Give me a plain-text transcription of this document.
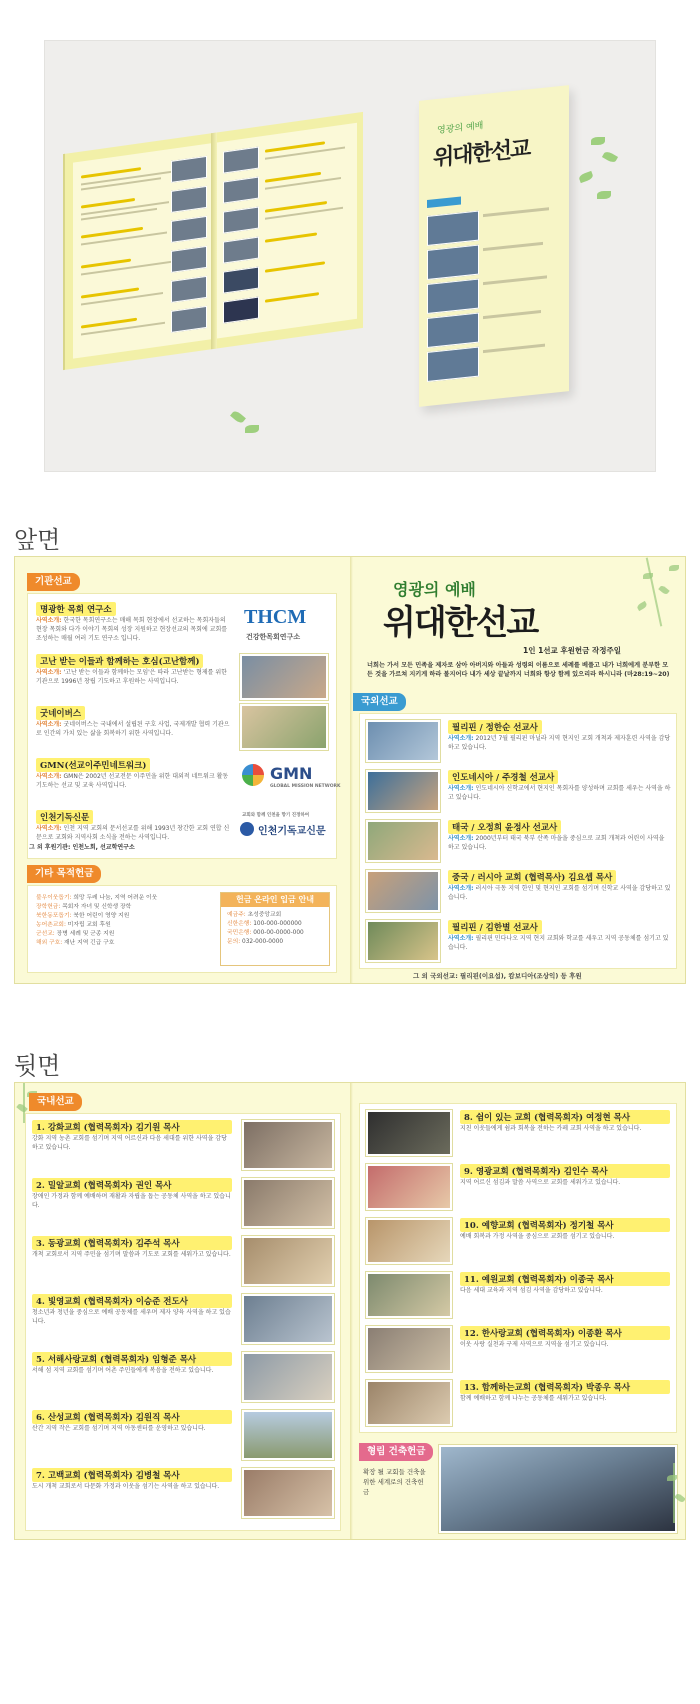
영광의 예배
위대한선교
앞면
기관선교
명광한 목회 연구소
사역소개: 한국한 목회연구소는 매해 목회 현장에서 선교하는 목회자들의 현장 목회와 다가 이야기 목회의 성장 지원하고 현장선교의 목회에 교회를 조성하는 매월 여러 기도 연구소 입니다.
THCM
건강한목회연구소
고난 받는 이들과 함께하는 호심(고난함께)
사역소개: '고난 받는 이들과 함께하는 모임'은 따라 고난받는 형제를 위한 기관으로 1996년 창립 기도하고 후원하는 사역입니다.
굿네이버스
사역소개: 굿네이버스는 국내에서 설립된 구호 사업, 국제개발 협력 기관으로 인간의 가치 있는 삶을 회복하기 위한 사역입니다.
GMN(선교이주민네트워크)
사역소개: GMN은 2002년 선교전문 이주민을 위한 대외적 네트워크 활동 기도하는 선교 및 교육 사역입니다.
GMN
GLOBAL MISSION NETWORK
인천기독신문
사역소개: 인천 지역 교회의 문서선교를 위해 1993년 창간한 교회 연합 신문으로 교회와 지역사회 소식을 전하는 사역입니다.
교회와 함께 인천을 향기 진정하여
인천기독교신문
그 외 후원기관: 인천노회, 선교학연구소
기타 목적헌금
불우이웃돕기: 희망 두레 나눔, 지역 어려운 이웃
장학헌금: 목회자 자녀 및 신학생 장학
북한동포돕기: 북한 어린이 영양 지원
농어촌교회: 미자립 교회 후원
군선교: 장병 세례 및 군종 지원
해외 구호: 재난 지역 긴급 구호
헌금 온라인 입금 안내
예금주: 초성중앙교회
신한은행: 100-000-000000
국민은행: 000-00-0000-000
문의: 032-000-0000
영광의 예배
위대한선교
1인 1선교 후원헌금 작정주일
너희는 가서 모든 민족을 제자로 삼아 아버지와 아들과 성령의 이름으로 세례를 베풀고 내가 너희에게 분부한 모든 것을 가르쳐 지키게 하라 볼지어다 내가 세상 끝날까지 너희와 항상 함께 있으리라 하시니라 (마28:19~20)
국외선교
필리핀 / 정한순 선교사
사역소개: 2012년 7월 필리핀 마닐라 지역 현지인 교회 개척과 제자훈련 사역을 감당하고 있습니다.
인도네시아 / 주경철 선교사
사역소개: 인도네시아 신학교에서 현지인 목회자를 양성하며 교회를 세우는 사역을 하고 있습니다.
태국 / 오정희 윤정사 선교사
사역소개: 2000년부터 태국 북부 산족 마을을 중심으로 교회 개척과 어린이 사역을 하고 있습니다.
중국 / 러시아 교회 (협력목사) 김요셉 목사
사역소개: 러시아 극동 지역 한인 및 현지인 교회를 섬기며 신학교 사역을 감당하고 있습니다.
필리핀 / 김한별 선교사
사역소개: 필리핀 민다나오 지역 현지 교회와 학교를 세우고 지역 공동체를 섬기고 있습니다.
그 외 국외선교: 필리핀(이요섭), 캄보디아(조상익) 등 후원
뒷면
국내선교
1. 강화교회 (협력목회자) 김기원 목사
강화 지역 농촌 교회를 섬기며 지역 어르신과 다음 세대를 위한 사역을 감당하고 있습니다.
2. 밀알교회 (협력목회자) 권인 목사
장애인 가정과 함께 예배하며 재활과 자립을 돕는 공동체 사역을 하고 있습니다.
3. 동광교회 (협력목회자) 김주석 목사
개척 교회로서 지역 주민을 섬기며 말씀과 기도로 교회를 세워가고 있습니다.
4. 빛영교회 (협력목회자) 이승준 전도사
청소년과 청년을 중심으로 예배 공동체를 세우며 제자 양육 사역을 하고 있습니다.
5. 서해사랑교회 (협력목회자) 임형준 목사
서해 섬 지역 교회를 섬기며 어촌 주민들에게 복음을 전하고 있습니다.
6. 산성교회 (협력목회자) 김원직 목사
산간 지역 작은 교회를 섬기며 지역 아동센터를 운영하고 있습니다.
7. 고백교회 (협력목회자) 김병철 목사
도시 개척 교회로서 다문화 가정과 이웃을 섬기는 사역을 하고 있습니다.
8. 쉼이 있는 교회 (협력목회자) 여정현 목사
지친 이웃들에게 쉼과 회복을 전하는 카페 교회 사역을 하고 있습니다.
9. 영광교회 (협력목회자) 김인수 목사
지역 어르신 섬김과 말씀 사역으로 교회를 세워가고 있습니다.
10. 예향교회 (협력목회자) 정기철 목사
예배 회복과 가정 사역을 중심으로 교회를 섬기고 있습니다.
11. 예원교회 (협력목회자) 이종국 목사
다음 세대 교육과 지역 섬김 사역을 감당하고 있습니다.
12. 한사랑교회 (협력목회자) 이종환 목사
이웃 사랑 실천과 구제 사역으로 지역을 섬기고 있습니다.
13. 함께하는교회 (협력목회자) 박종우 목사
함께 예배하고 함께 나누는 공동체를 세워가고 있습니다.
형림 건축헌금
확장 될 교회들 건축을 위한 세계로의 건축헌금
